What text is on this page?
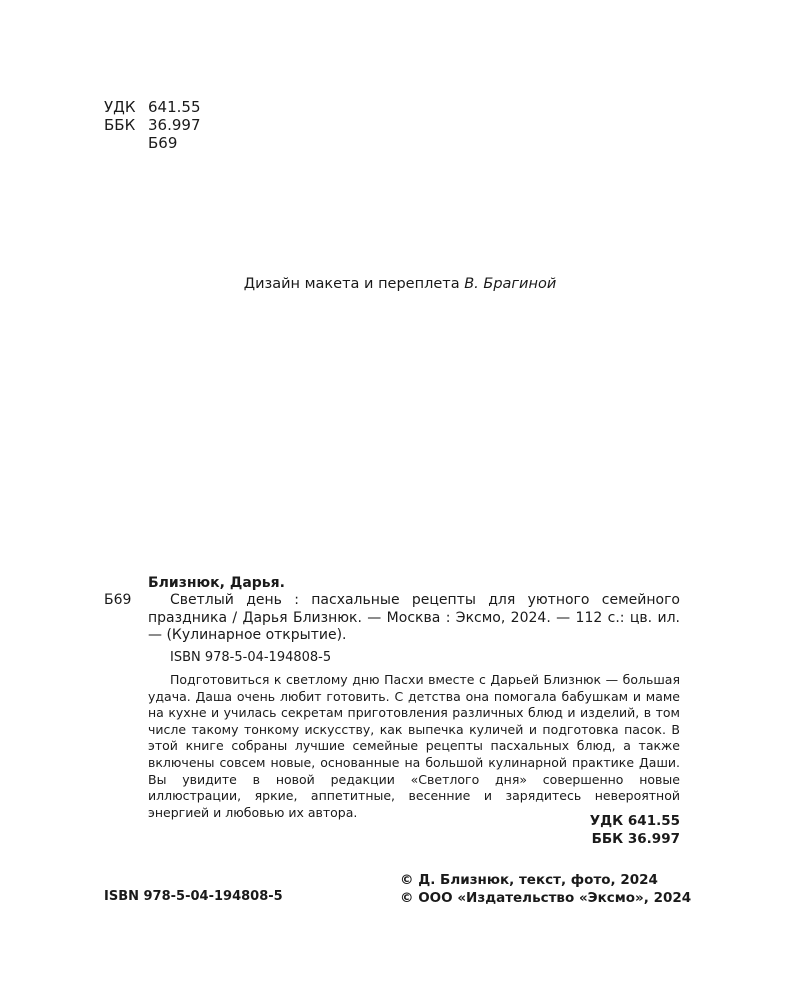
УДК 641.55
ББК 36.997
Б69
Дизайн макета и переплета В. Брагиной
Близнюк, Дарья.
Б69	Светлый день : пасхальные рецепты для уютного семейного праздника / Дарья Близнюк. — Москва : Эксмо, 2024. — 112 с.: цв. ил. — (Кулинарное открытие).
ISBN 978-5-04-194808-5
Подготовиться к светлому дню Пасхи вместе с Дарьей Близнюк — большая удача. Даша очень любит готовить. С детства она помогала бабушкам и маме на кухне и училась секретам приготовления различных блюд и изделий, в том числе такому тонкому искусству, как выпечка куличей и подготовка пасок. В этой книге собраны лучшие семейные рецепты пасхальных блюд, а также включены совсем новые, основанные на большой кулинарной практике Даши. Вы увидите в новой редакции «Светлого дня» совершенно новые иллюстрации, яркие, аппетитные, весенние и зарядитесь невероятной энергией и любовью их автора.
УДК 641.55
ББК 36.997
© Д. Близнюк, текст, фото, 2024
© ООО «Издательство «Эксмо», 2024
ISBN 978-5-04-194808-5
